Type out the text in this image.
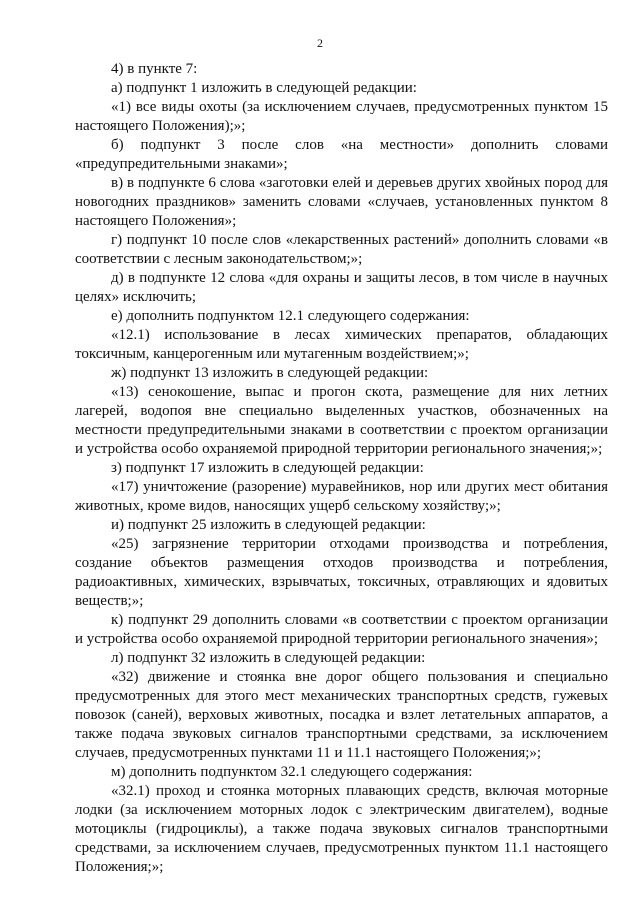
2

4) в пункте 7:

а) подпункт 1 изложить в следующей редакции:

«1) все виды охоты (за исключением случаев, предусмотренных пунктом 15 настоящего Положения);»;

б) подпункт 3 после слов «на местности» дополнить словами «предупредительными знаками»;

в) в подпункте 6 слова «заготовки елей и деревьев других хвойных пород для новогодних праздников» заменить словами «случаев, установленных пунктом 8 настоящего Положения»;

г) подпункт 10 после слов «лекарственных растений» дополнить словами «в соответствии с лесным законодательством;»;

д) в подпункте 12 слова «для охраны и защиты лесов, в том числе в научных целях» исключить;

е) дополнить подпунктом 12.1 следующего содержания:

«12.1) использование в лесах химических препаратов, обладающих токсичным, канцерогенным или мутагенным воздействием;»;

ж) подпункт 13 изложить в следующей редакции:

«13) сенокошение, выпас и прогон скота, размещение для них летних лагерей, водопоя вне специально выделенных участков, обозначенных на местности предупредительными знаками в соответствии с проектом организации и устройства особо охраняемой природной территории регионального значения;»;

з) подпункт 17 изложить в следующей редакции:

«17) уничтожение (разорение) муравейников, нор или других мест обитания животных, кроме видов, наносящих ущерб сельскому хозяйству;»;

и) подпункт 25 изложить в следующей редакции:

«25) загрязнение территории отходами производства и потребления, создание объектов размещения отходов производства и потребления, радиоактивных, химических, взрывчатых, токсичных, отравляющих и ядовитых веществ;»;

к) подпункт 29 дополнить словами «в соответствии с проектом организации и устройства особо охраняемой природной территории регионального значения»;

л) подпункт 32 изложить в следующей редакции:

«32) движение и стоянка вне дорог общего пользования и специально предусмотренных для этого мест механических транспортных средств, гужевых повозок (саней), верховых животных, посадка и взлет летательных аппаратов, а также подача звуковых сигналов транспортными средствами, за исключением случаев, предусмотренных пунктами 11 и 11.1 настоящего Положения;»;

м) дополнить подпунктом 32.1 следующего содержания:

«32.1) проход и стоянка моторных плавающих средств, включая моторные лодки (за исключением моторных лодок с электрическим двигателем), водные мотоциклы (гидроциклы), а также подача звуковых сигналов транспортными средствами, за исключением случаев, предусмотренных пунктом 11.1 настоящего Положения;»;
